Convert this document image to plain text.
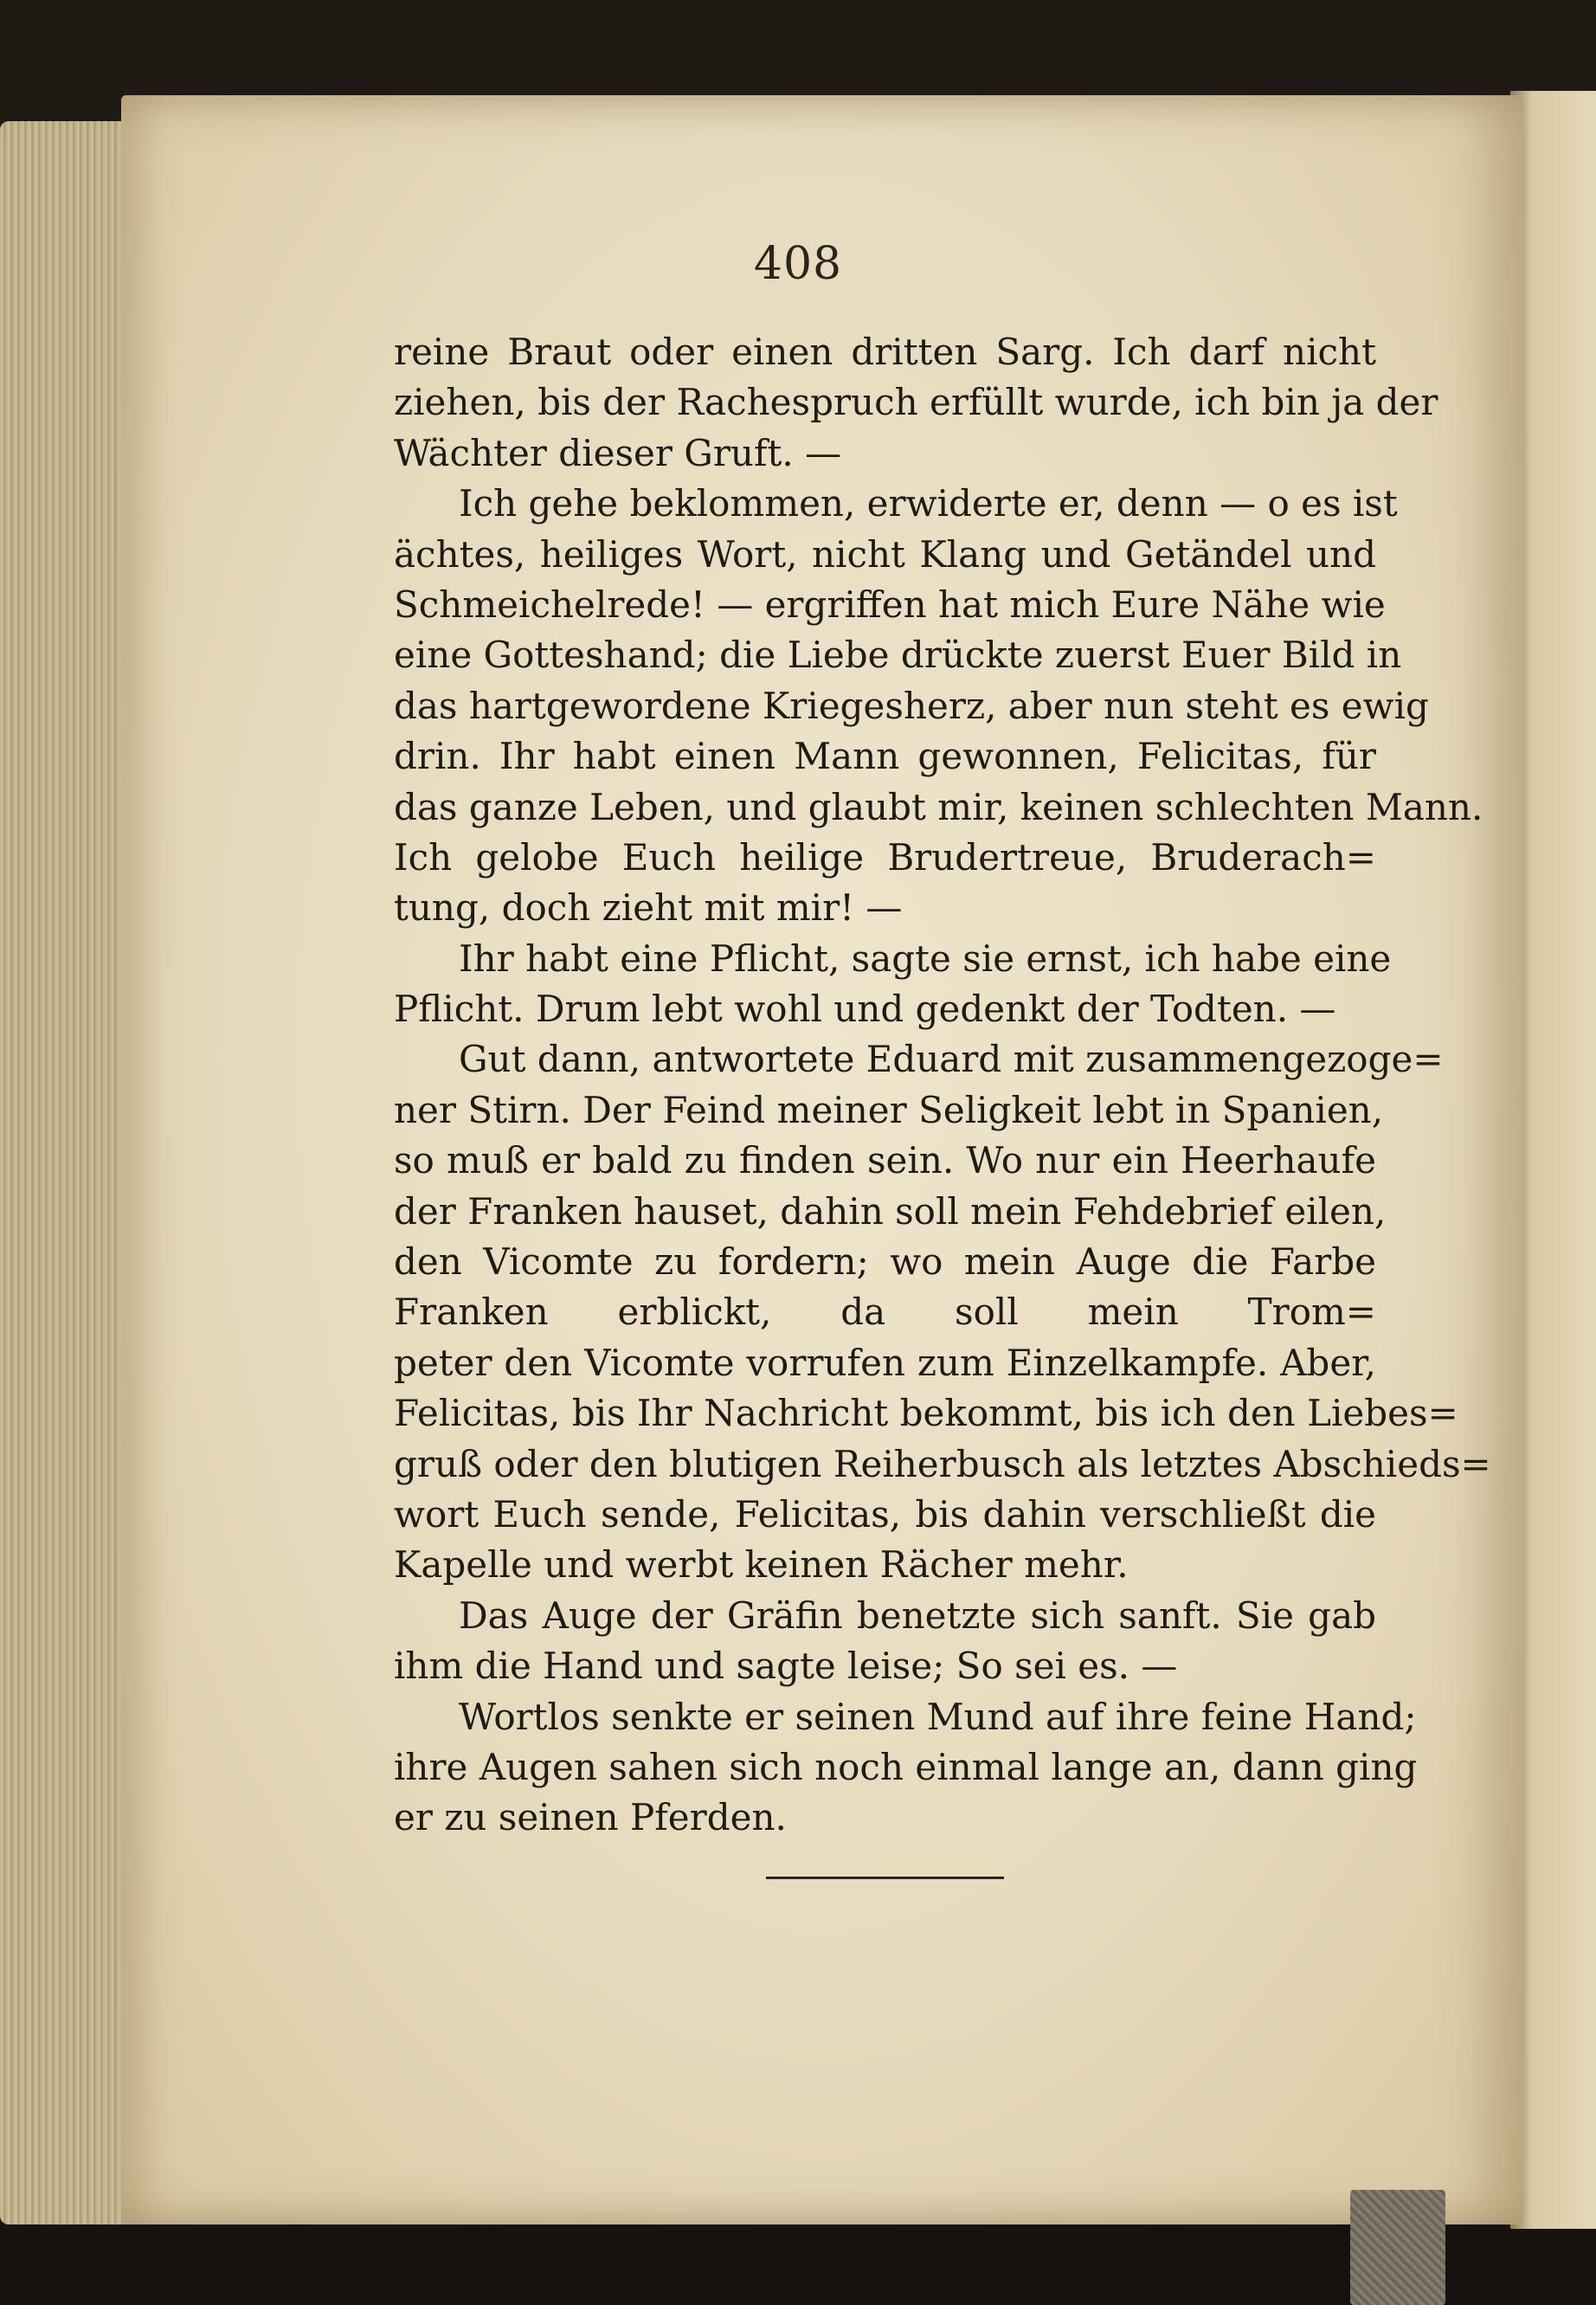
408
reine Braut oder einen dritten Sarg. Ich darf nicht
ziehen, bis der Rachespruch erfüllt wurde, ich bin ja der
Wächter dieser Gruft. —
Ich gehe beklommen, erwiderte er, denn — o es ist
ächtes, heiliges Wort, nicht Klang und Getändel und
Schmeichelrede! — ergriffen hat mich Eure Nähe wie
eine Gotteshand; die Liebe drückte zuerst Euer Bild in
das hartgewordene Kriegesherz, aber nun steht es ewig
drin. Ihr habt einen Mann gewonnen, Felicitas, für
das ganze Leben, und glaubt mir, keinen schlechten Mann.
Ich gelobe Euch heilige Brudertreue, Bruderach=
tung, doch zieht mit mir! —
Ihr habt eine Pflicht, sagte sie ernst, ich habe eine
Pflicht. Drum lebt wohl und gedenkt der Todten. —
Gut dann, antwortete Eduard mit zusammengezoge=
ner Stirn. Der Feind meiner Seligkeit lebt in Spanien,
so muß er bald zu finden sein. Wo nur ein Heerhaufe
der Franken hauset, dahin soll mein Fehdebrief eilen,
den Vicomte zu fordern; wo mein Auge die Farbe
Franken erblickt, da soll mein Trom=
peter den Vicomte vorrufen zum Einzelkampfe. Aber,
Felicitas, bis Ihr Nachricht bekommt, bis ich den Liebes=
gruß oder den blutigen Reiherbusch als letztes Abschieds=
wort Euch sende, Felicitas, bis dahin verschließt die
Kapelle und werbt keinen Rächer mehr.
Das Auge der Gräfin benetzte sich sanft. Sie gab
ihm die Hand und sagte leise; So sei es. —
Wortlos senkte er seinen Mund auf ihre feine Hand;
ihre Augen sahen sich noch einmal lange an, dann ging
er zu seinen Pferden.
